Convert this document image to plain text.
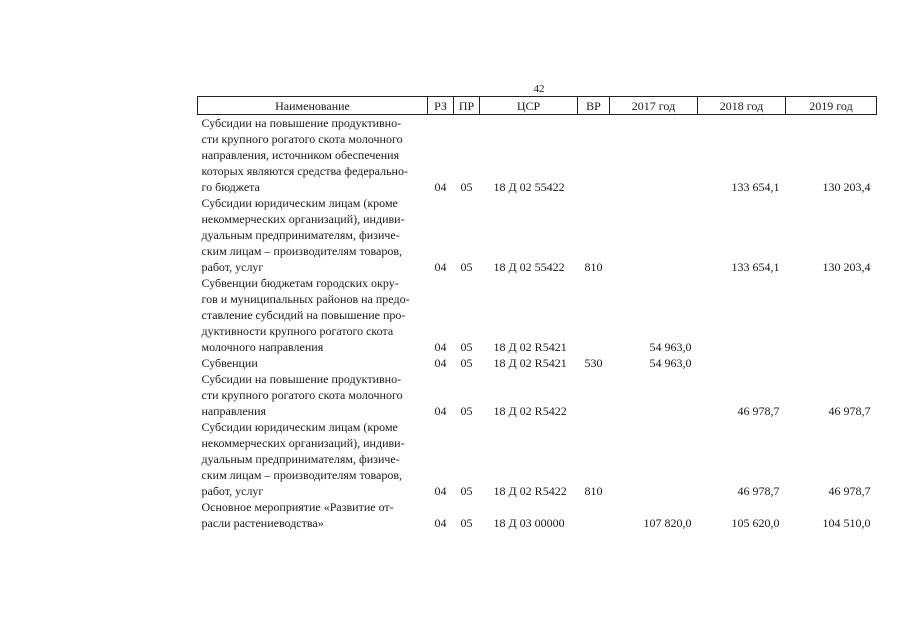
42
Наименование	РЗ	ПР	ЦСР	ВР	2017 год	2018 год	2019 год

Субсидии на повышение продуктивно-
сти крупного рогатого скота молочного
направления, источником обеспечения
которых являются средства федерально-
го бюджета	04	05	18 Д 02 55422			133 654,1	130 203,4

Субсидии юридическим лицам (кроме
некоммерческих организаций), индиви-
дуальным предпринимателям, физиче-
ским лицам – производителям товаров,
работ, услуг	04	05	18 Д 02 55422	810		133 654,1	130 203,4

Субвенции бюджетам городских окру-
гов и муниципальных районов на предо-
ставление субсидий на повышение про-
дуктивности крупного рогатого скота
молочного направления	04	05	18 Д 02 R5421		54 963,0		

Субвенции	04	05	18 Д 02 R5421	530	54 963,0		

Субсидии на повышение продуктивно-
сти крупного рогатого скота молочного
направления	04	05	18 Д 02 R5422			46 978,7	46 978,7

Субсидии юридическим лицам (кроме
некоммерческих организаций), индиви-
дуальным предпринимателям, физиче-
ским лицам – производителям товаров,
работ, услуг	04	05	18 Д 02 R5422	810		46 978,7	46 978,7

Основное мероприятие «Развитие от-
расли растениеводства»	04	05	18 Д 03 00000		107 820,0	105 620,0	104 510,0
